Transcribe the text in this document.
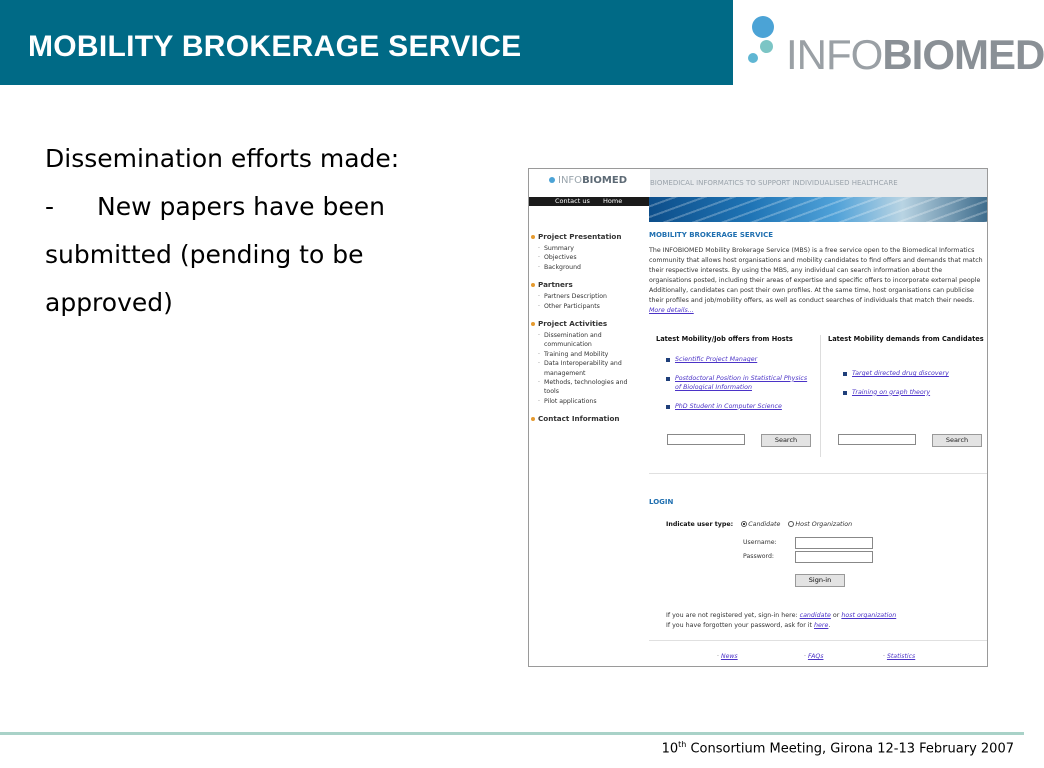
MOBILITY BROKERAGE SERVICE	INFOBIOMED
Dissemination efforts made:
-	New papers have been
submitted (pending to be
approved)
INFOBIOMED	BIOMEDICAL INFORMATICS TO SUPPORT INDIVIDUALISED HEALTHCARE
Contact us Home
Project Presentation
· Summary
· Objectives
· Background
Partners
· Partners Description
· Other Participants
Project Activities
· Dissemination and
communication
· Training and Mobility
· Data Interoperability and
management
· Methods, technologies and
tools
· Pilot applications
Contact Information
MOBILITY BROKERAGE SERVICE
The INFOBIOMED Mobility Brokerage Service (MBS) is a free service open to the Biomedical Informatics community that allows host organisations and mobility candidates to find offers and demands that match their respective interests. By using the MBS, any individual can search information about the organisations posted, including their areas of expertise and specific offers to incorporate external people Additionally, candidates can post their own profiles. At the same time, host organisations can publicise their profiles and job/mobility offers, as well as conduct searches of individuals that match their needs. More details...
Latest Mobility/Job offers from Hosts
Scientific Project Manager
Postdoctoral Position in Statistical Physics
of Biological Information
PhD Student in Computer Science
Search
Latest Mobility demands from Candidates
Target directed drug discovery
Training on graph theory
Search
LOGIN
Indicate user type: Candidate Host Organization
Username:
Password:
Sign-in
If you are not registered yet, sign-in here: candidate or host organization
If you have forgotten your password, ask for it here.
· News	· FAQs	· Statistics
10th Consortium Meeting, Girona 12-13 February 2007
